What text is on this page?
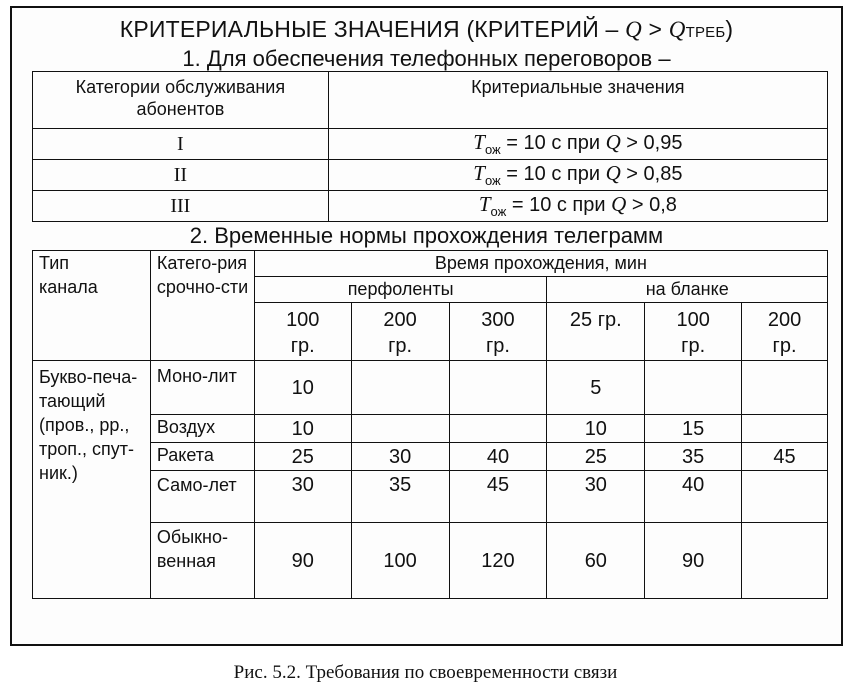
КРИТЕРИАЛЬНЫЕ ЗНАЧЕНИЯ (КРИТЕРИЙ – Q > QТРЕБ)
1. Для обеспечения телефонных переговоров –
Категории обслуживания абонентов	Критериальные значения
I	$T_{ож} = 10$ с при Q > 0,95
II	$T_{ож} = 10$ с при Q > 0,85
III	$T_{ож} = 10$ с при Q > 0,8
2. Временные нормы прохождения телеграмм
Тип канала	Катего-рия срочно-сти	Время прохождения, мин					
		перфоленты			на бланке		
		100 гр.	200 гр.	300 гр.	25 гр.	100 гр.	200 гр.
Букво-печа-тающий (пров., рр., троп., спут-ник.)	Моно-лит	10			5		
	Воздух	10			10	15	
	Ракета	25	30	40	25	35	45
	Само-лет	30	35	45	30	40	
	Обыкно-венная	90	100	120	60	90	
Рис. 5.2. Требования по своевременности связи
